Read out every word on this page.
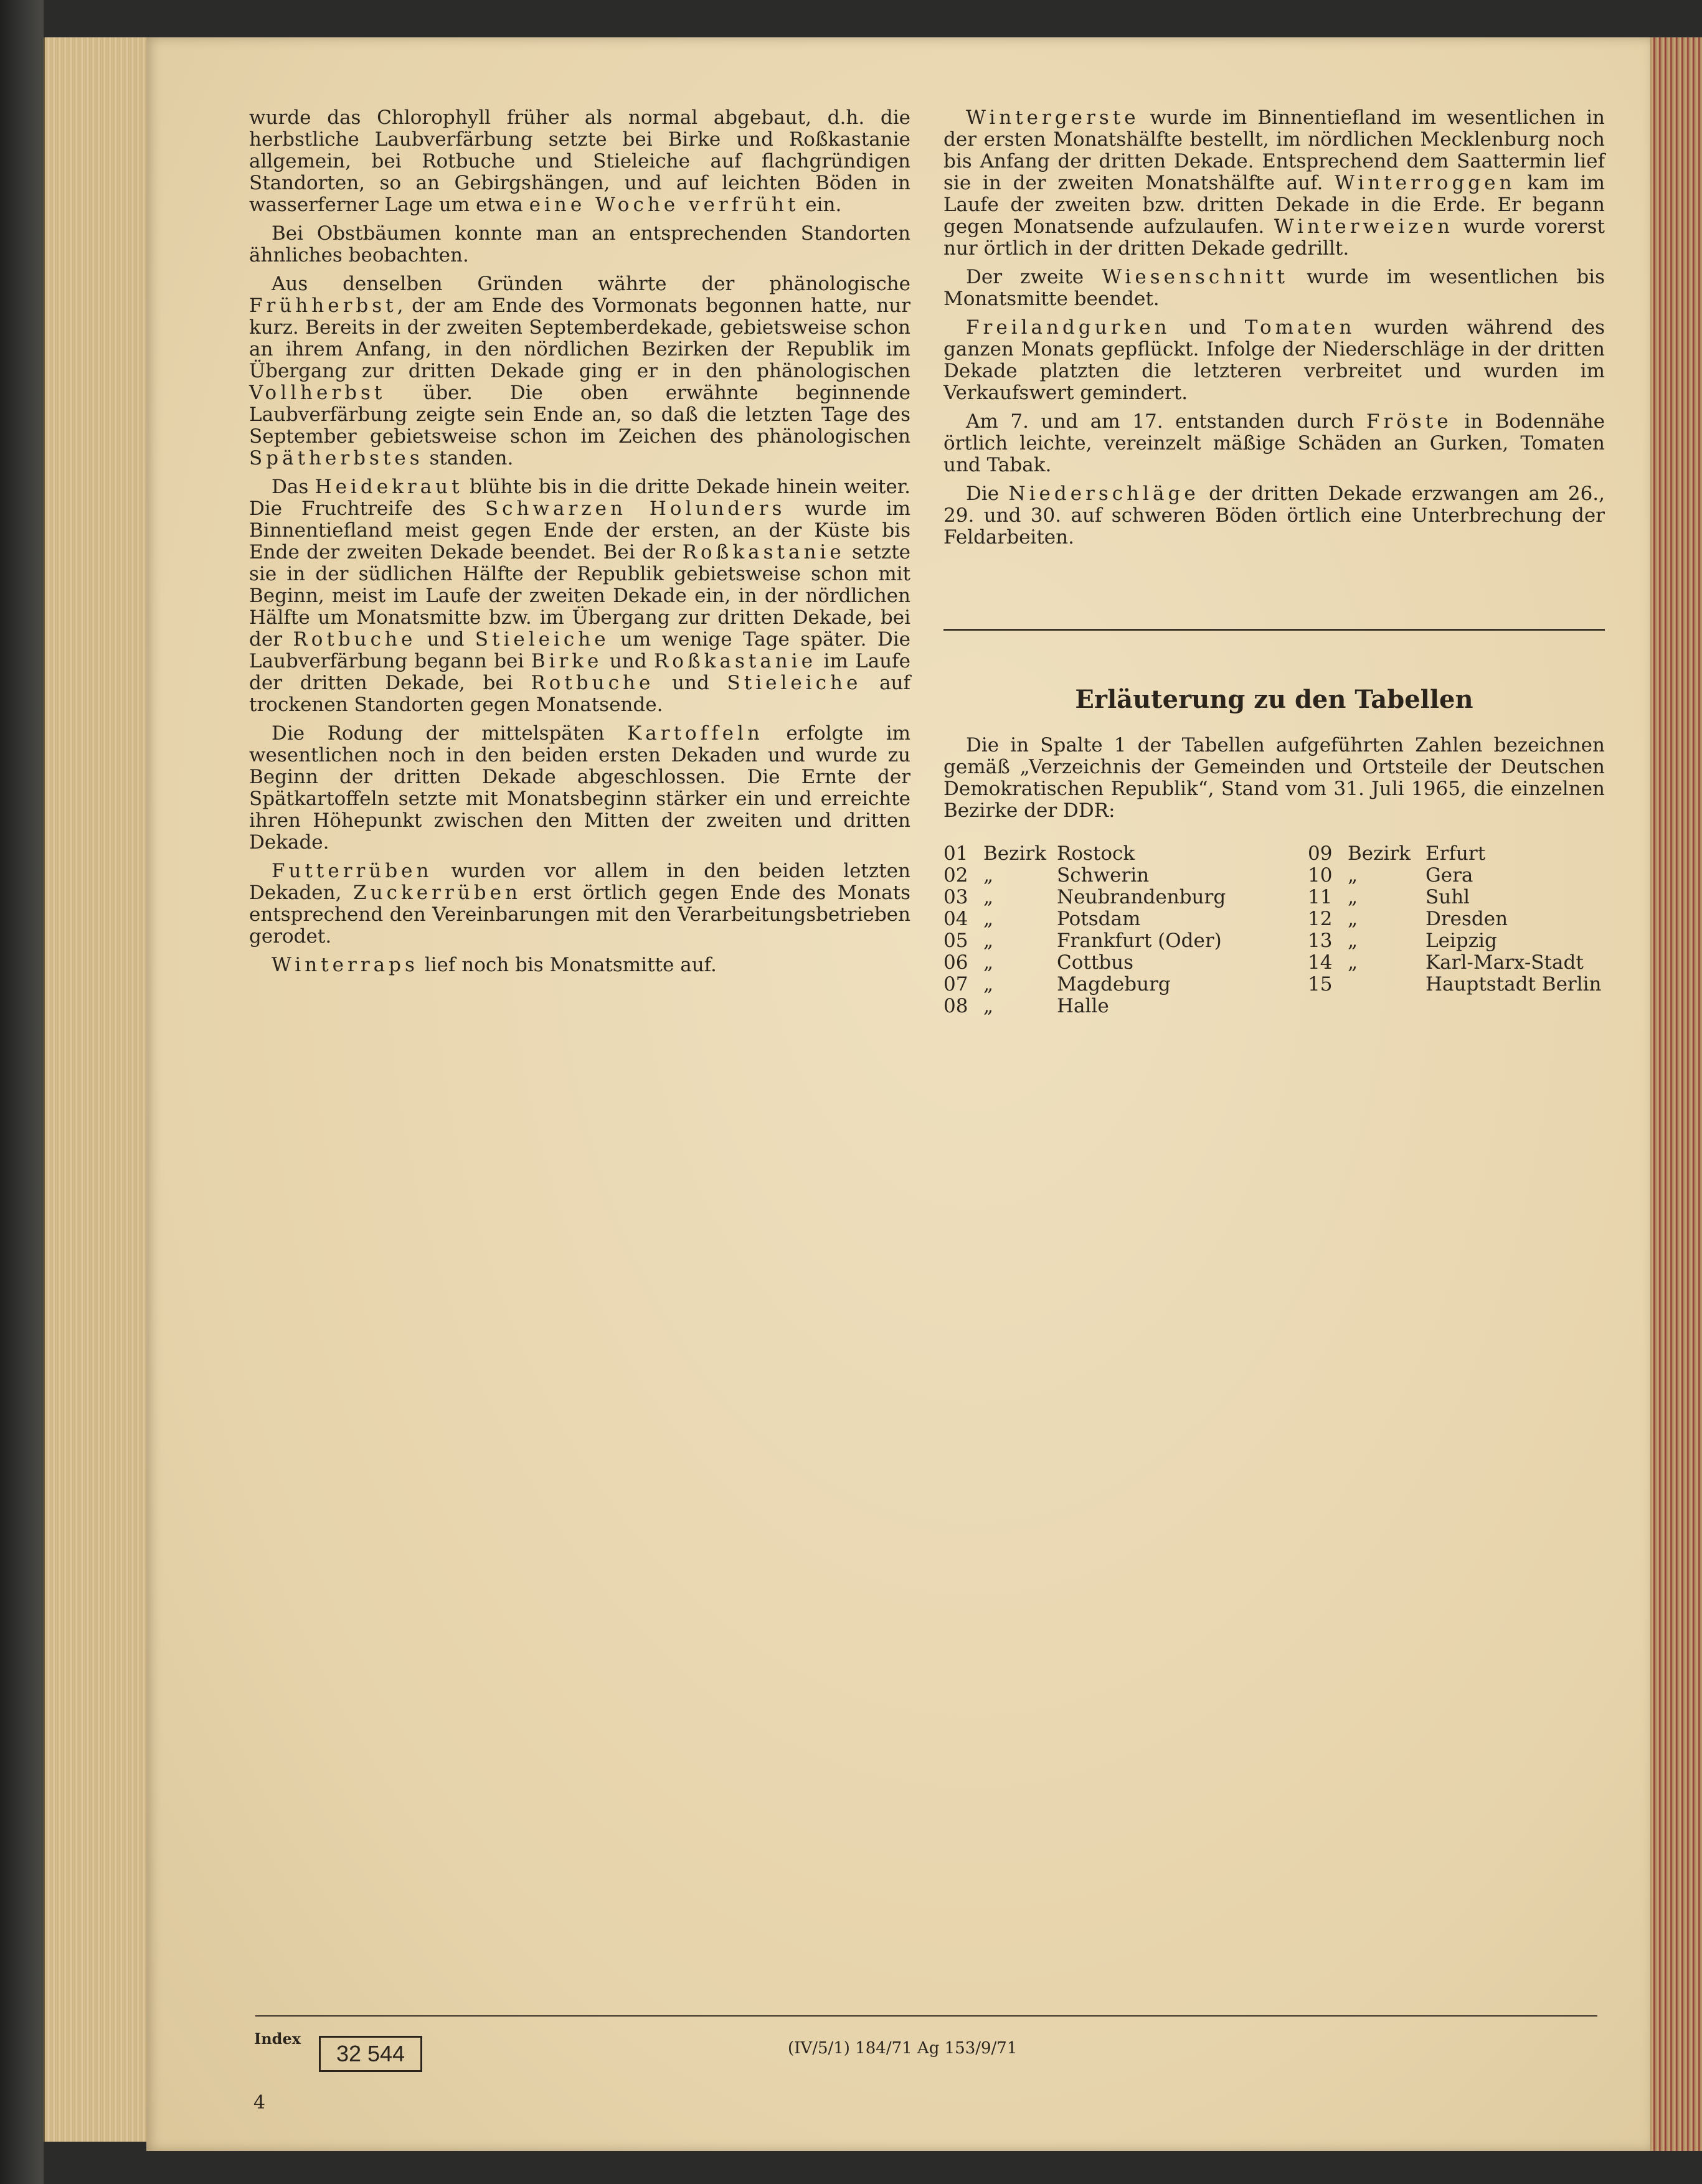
wurde das Chlorophyll früher als normal abgebaut, d.h. die herbstliche Laubverfärbung setzte bei Birke und Roßkastanie allgemein, bei Rotbuche und Stieleiche auf flachgründigen Standorten, so an Gebirgshängen, und auf leichten Böden in wasserferner Lage um etwa eine Woche verfrüht ein.

Bei Obstbäumen konnte man an entsprechenden Standorten ähnliches beobachten.

Aus denselben Gründen währte der phänologische Frühherbst, der am Ende des Vormonats begonnen hatte, nur kurz. Bereits in der zweiten Septemberdekade, gebietsweise schon an ihrem Anfang, in den nördlichen Bezirken der Republik im Übergang zur dritten Dekade ging er in den phänologischen Vollherbst über. Die oben erwähnte beginnende Laubverfärbung zeigte sein Ende an, so daß die letzten Tage des September gebietsweise schon im Zeichen des phänologischen Spätherbstes standen.

Das Heidekraut blühte bis in die dritte Dekade hinein weiter. Die Fruchtreife des Schwarzen Holunders wurde im Binnentiefland meist gegen Ende der ersten, an der Küste bis Ende der zweiten Dekade beendet. Bei der Roßkastanie setzte sie in der südlichen Hälfte der Republik gebietsweise schon mit Beginn, meist im Laufe der zweiten Dekade ein, in der nördlichen Hälfte um Monatsmitte bzw. im Übergang zur dritten Dekade, bei der Rotbuche und Stieleiche um wenige Tage später. Die Laubverfärbung begann bei Birke und Roßkastanie im Laufe der dritten Dekade, bei Rotbuche und Stieleiche auf trockenen Standorten gegen Monatsende.

Die Rodung der mittelspäten Kartoffeln erfolgte im wesentlichen noch in den beiden ersten Dekaden und wurde zu Beginn der dritten Dekade abgeschlossen. Die Ernte der Spätkartoffeln setzte mit Monatsbeginn stärker ein und erreichte ihren Höhepunkt zwischen den Mitten der zweiten und dritten Dekade.

Futterrüben wurden vor allem in den beiden letzten Dekaden, Zuckerrüben erst örtlich gegen Ende des Monats entsprechend den Vereinbarungen mit den Verarbeitungsbetrieben gerodet.

Winterraps lief noch bis Monatsmitte auf.

Wintergerste wurde im Binnentiefland im wesentlichen in der ersten Monatshälfte bestellt, im nördlichen Mecklenburg noch bis Anfang der dritten Dekade. Entsprechend dem Saattermin lief sie in der zweiten Monatshälfte auf. Winterroggen kam im Laufe der zweiten bzw. dritten Dekade in die Erde. Er begann gegen Monatsende aufzulaufen. Winterweizen wurde vorerst nur örtlich in der dritten Dekade gedrillt.

Der zweite Wiesenschnitt wurde im wesentlichen bis Monatsmitte beendet.

Freilandgurken und Tomaten wurden während des ganzen Monats gepflückt. Infolge der Niederschläge in der dritten Dekade platzten die letzteren verbreitet und wurden im Verkaufswert gemindert.

Am 7. und am 17. entstanden durch Fröste in Bodennähe örtlich leichte, vereinzelt mäßige Schäden an Gurken, Tomaten und Tabak.

Die Niederschläge der dritten Dekade erzwangen am 26., 29. und 30. auf schweren Böden örtlich eine Unterbrechung der Feldarbeiten.

Erläuterung zu den Tabellen

Die in Spalte 1 der Tabellen aufgeführten Zahlen bezeichnen gemäß „Verzeichnis der Gemeinden und Ortsteile der Deutschen Demokratischen Republik“, Stand vom 31. Juli 1965, die einzelnen Bezirke der DDR:

01 Bezirk Rostock
02 „	Schwerin
03 „	Neubrandenburg
04 „	Potsdam
05 „	Frankfurt (Oder)
06 „	Cottbus
07 „	Magdeburg
08 „	Halle
09 Bezirk Erfurt
10 „	Gera
11 „	Suhl
12 „	Dresden
13 „	Leipzig
14 „	Karl-Marx-Stadt
15	Hauptstadt Berlin
Index
32 544	(IV/5/1) 184/71 Ag 153/9/71
4
